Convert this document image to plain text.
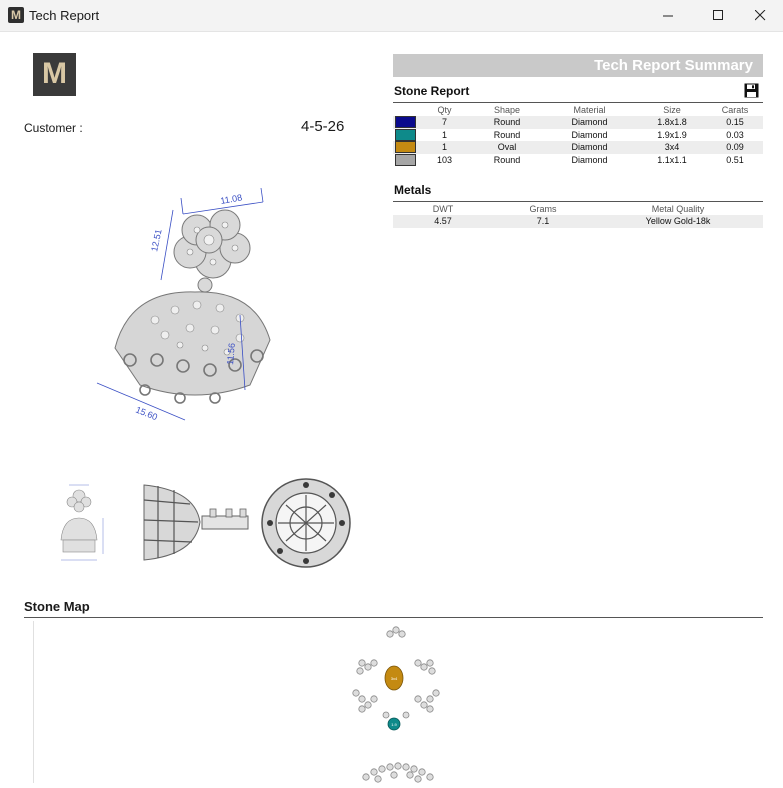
M Tech Report
M
Customer :	4-5-26
Tech Report Summary
Stone Report
	Qty	Shape	Material	Size	Carats
	7	Round	Diamond	1.8x1.8	0.15
	1	Round	Diamond	1.9x1.9	0.03
	1	Oval	Diamond	3x4	0.09
	103	Round	Diamond	1.1x1.1	0.51
Metals
DWT	Grams	Metal Quality
4.57	7.1	Yellow Gold-18k
11.08
12.51
11.56
15.60
Stone Map
3x4
1.9
